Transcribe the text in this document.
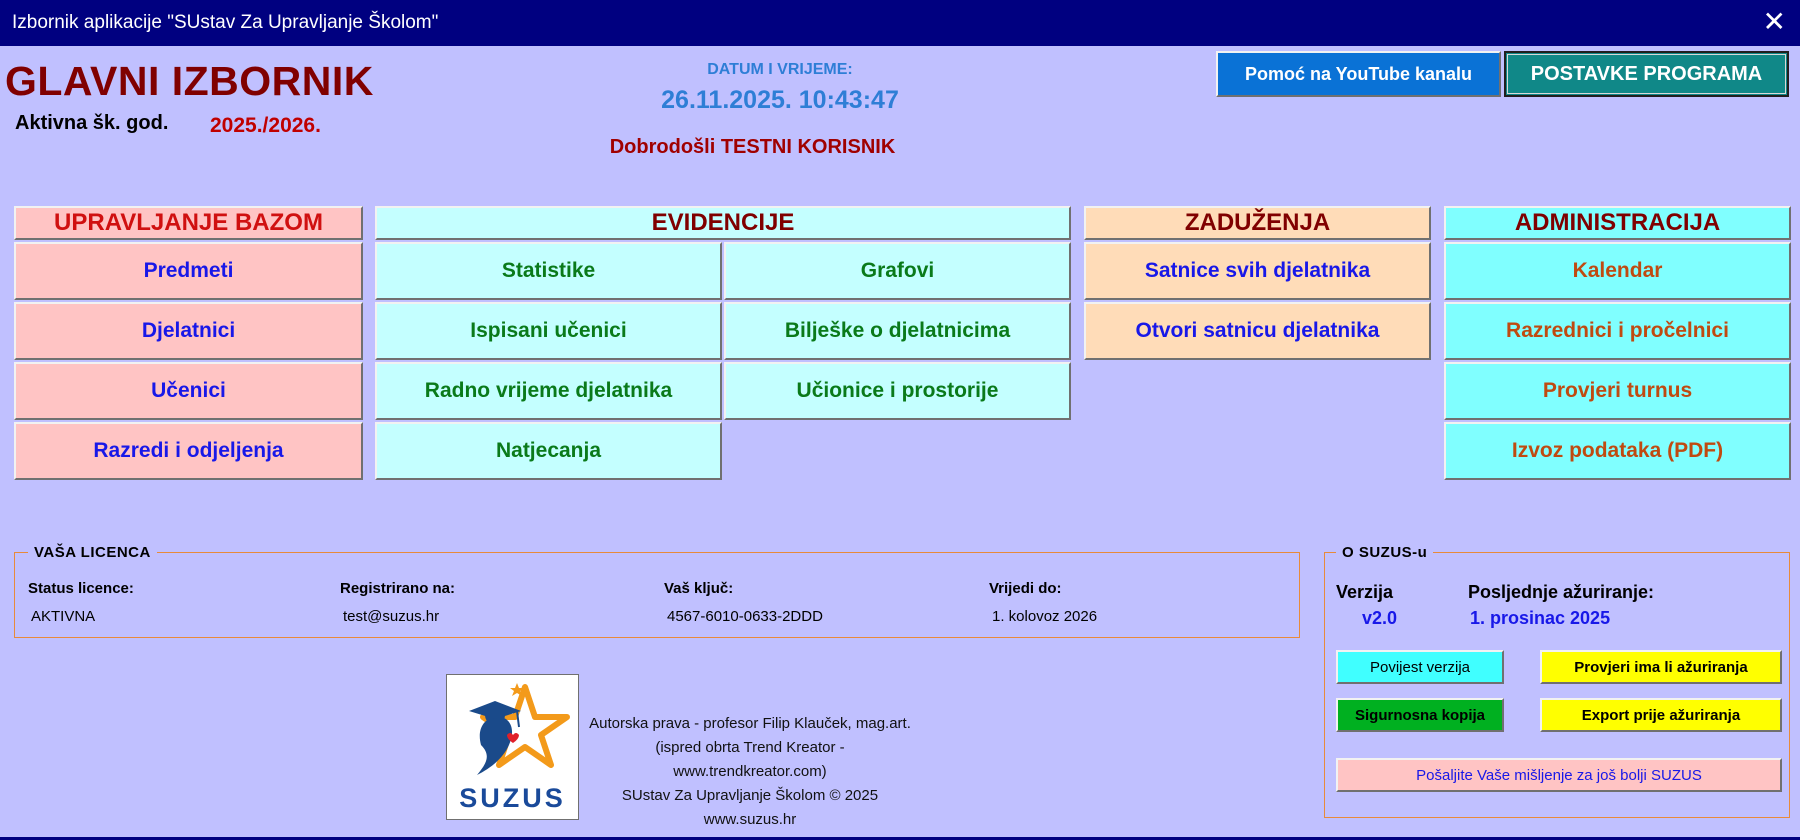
Izbornik aplikacije "SUstav Za Upravljanje Školom"	✕
GLAVNI IZBORNIK
Aktivna šk. god. 2025./2026.
DATUM I VRIJEME:
26.11.2025. 10:43:47
Dobrodošli TESTNI KORISNIK
Pomoć na YouTube kanalu	POSTAVKE PROGRAMA
UPRAVLJANJE BAZOM
Predmeti
Djelatnici
Učenici
Razredi i odjeljenja
EVIDENCIJE
Statistike	Grafovi
Ispisani učenici	Bilješke o djelatnicima
Radno vrijeme djelatnika	Učionice i prostorije
Natjecanja
ZADUŽENJA
Satnice svih djelatnika
Otvori satnicu djelatnika
ADMINISTRACIJA
Kalendar
Razrednici i pročelnici
Provjeri turnus
Izvoz podataka (PDF)
VAŠA LICENCA
Status licence:
AKTIVNA
Registrirano na:
test@suzus.hr
Vaš ključ:
4567-6010-0633-2DDD
Vrijedi do:
1. kolovoz 2026
O SUZUS-u
Verzija
v2.0
Posljednje ažuriranje:
1. prosinac 2025
Povijest verzija	Provjeri ima li ažuriranja
Sigurnosna kopija	Export prije ažuriranja
Pošaljite Vaše mišljenje za još bolji SUZUS
SUZUS
Autorska prava - profesor Filip Klauček, mag.art.
(ispred obrta Trend Kreator - www.trendkreator.com)
SUstav Za Upravljanje Školom © 2025
www.suzus.hr
